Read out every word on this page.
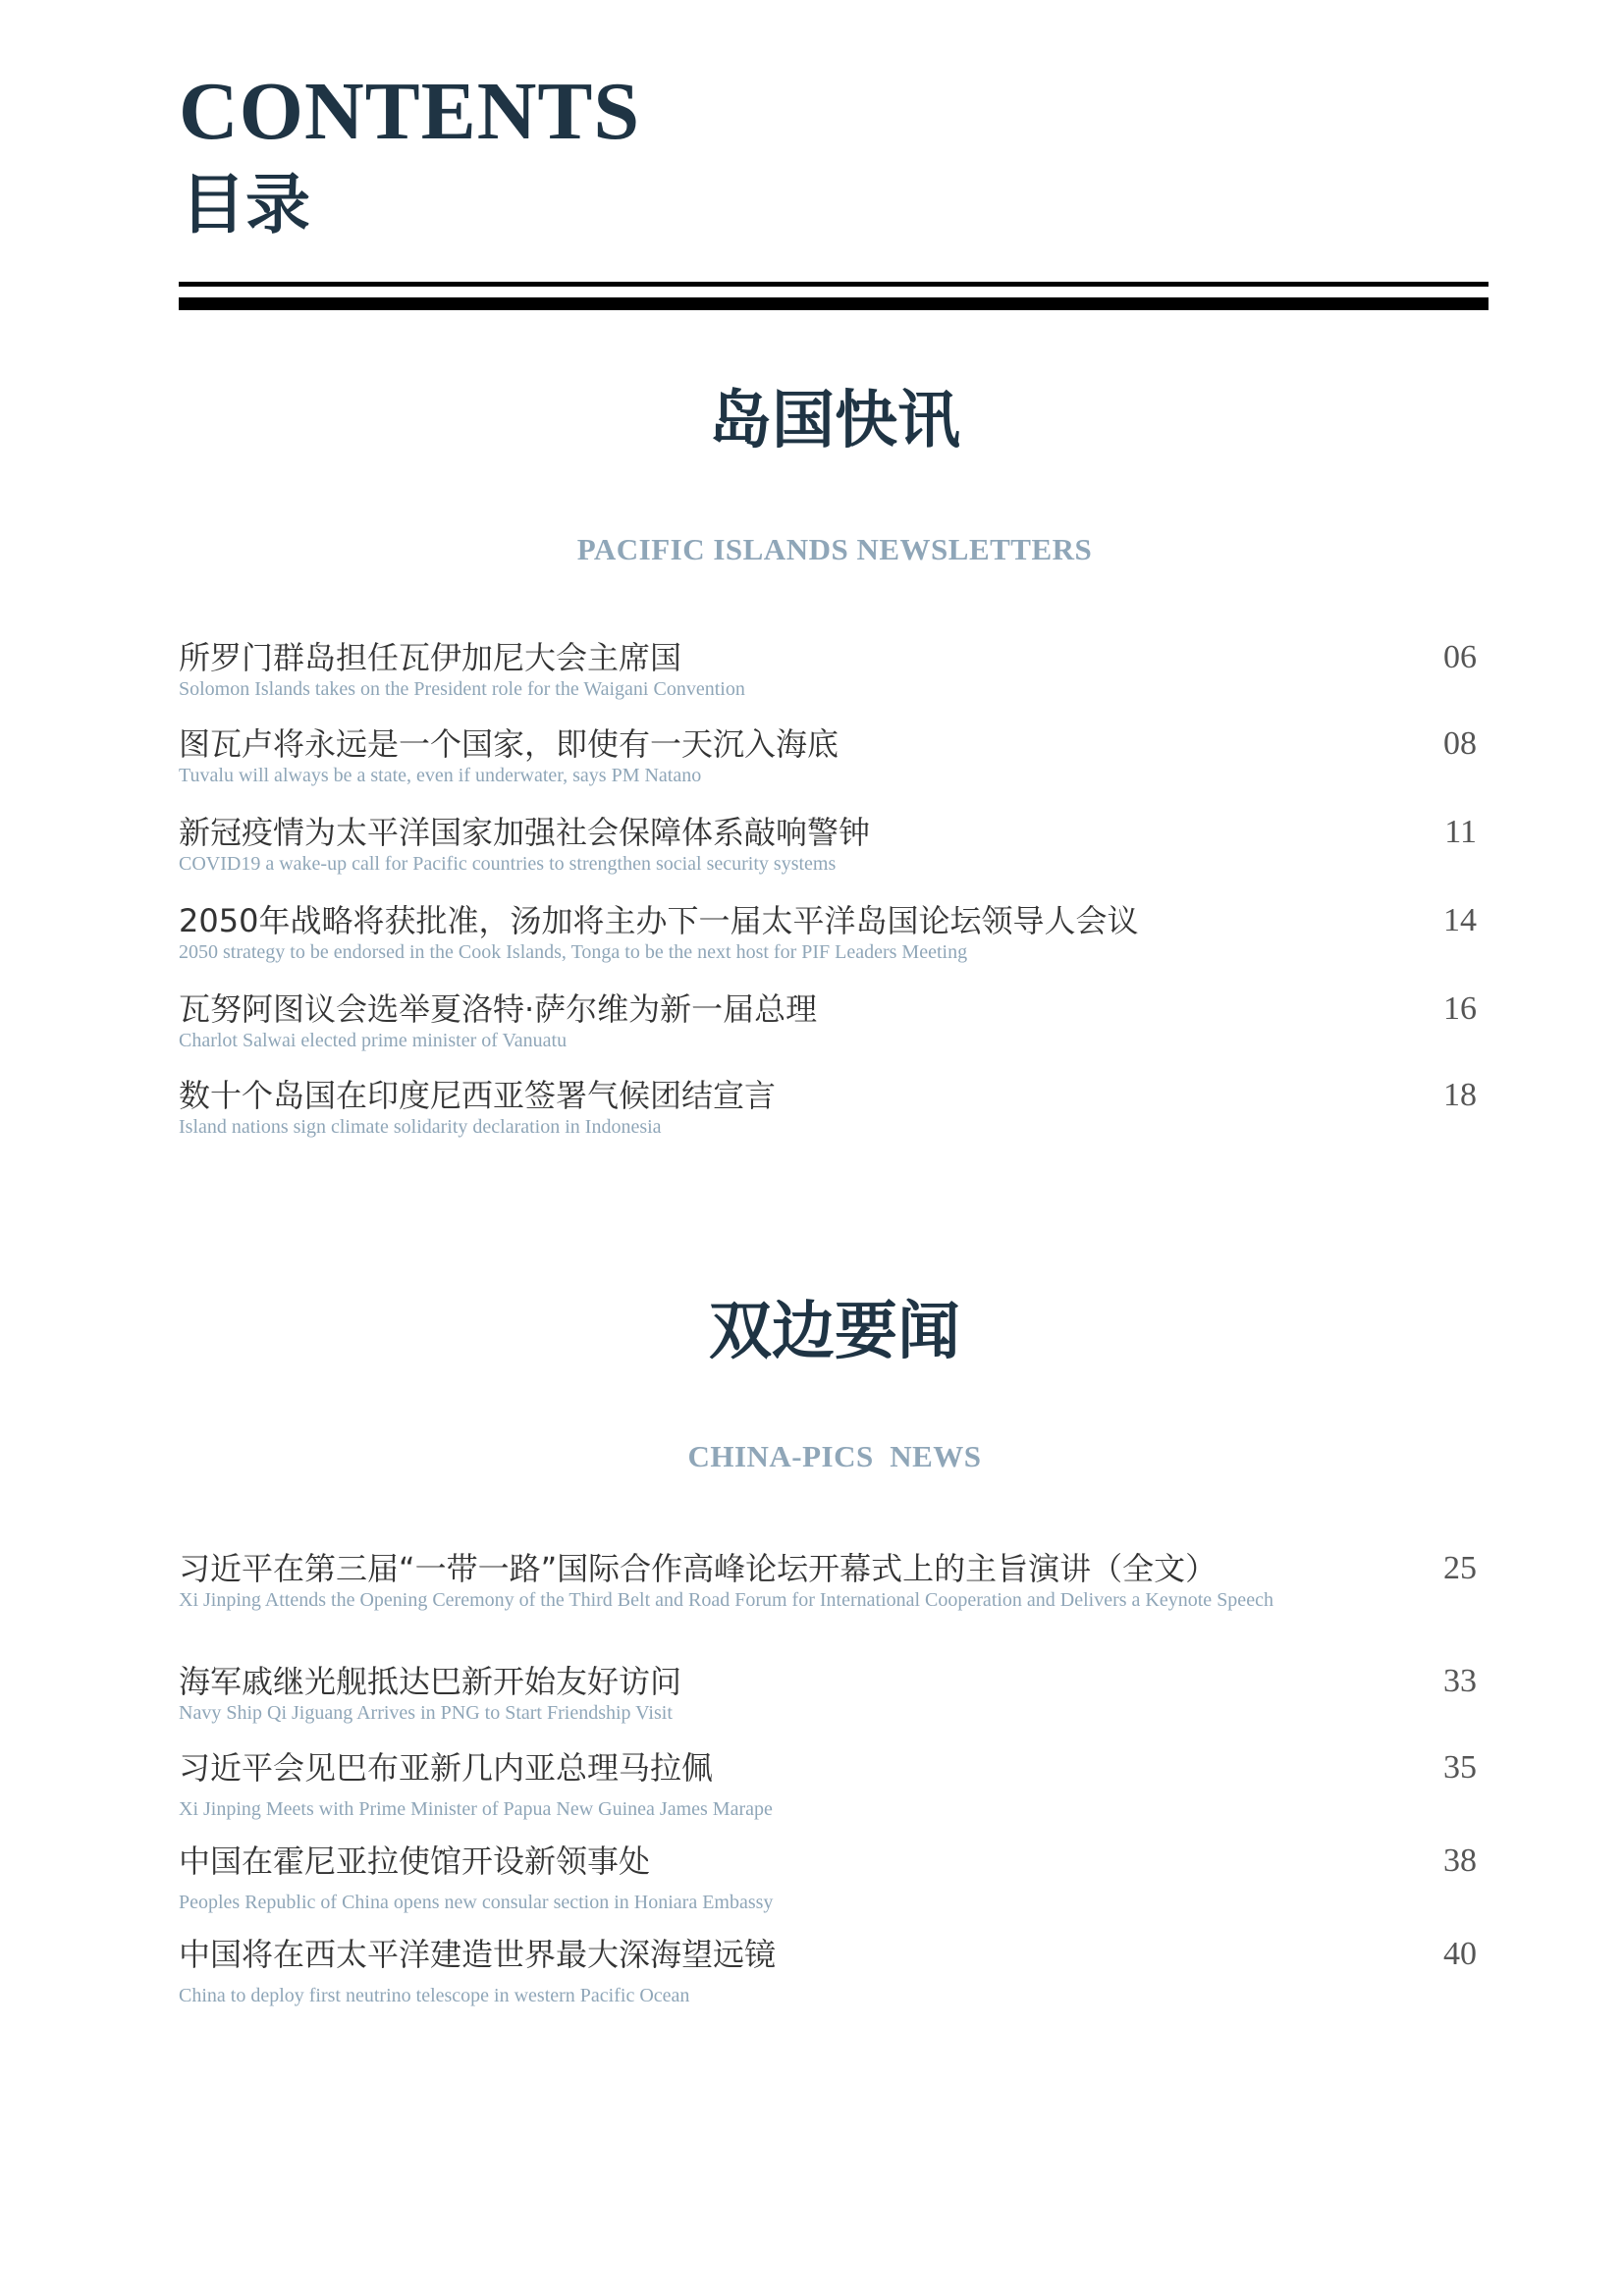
CONTENTS
目录
岛国快讯
PACIFIC ISLANDS NEWSLETTERS
所罗门群岛担任瓦伊加尼大会主席国
Solomon Islands takes on the President role for the Waigani Convention
06
图瓦卢将永远是一个国家，即使有一天沉入海底
Tuvalu will always be a state, even if underwater, says PM Natano
08
新冠疫情为太平洋国家加强社会保障体系敲响警钟
COVID19 a wake-up call for Pacific countries to strengthen social security systems
11
2050年战略将获批准，汤加将主办下一届太平洋岛国论坛领导人会议
2050 strategy to be endorsed in the Cook Islands, Tonga to be the next host for PIF Leaders Meeting
14
瓦努阿图议会选举夏洛特·萨尔维为新一届总理
Charlot Salwai elected prime minister of Vanuatu
16
数十个岛国在印度尼西亚签署气候团结宣言
Island nations sign climate solidarity declaration in Indonesia
18
双边要闻
CHINA-PICS  NEWS
习近平在第三届“一带一路”国际合作高峰论坛开幕式上的主旨演讲（全文）
Xi Jinping Attends the Opening Ceremony of the Third Belt and Road Forum for International Cooperation and Delivers a Keynote Speech
25
海军戚继光舰抵达巴新开始友好访问
Navy Ship Qi Jiguang Arrives in PNG to Start Friendship Visit
33
习近平会见巴布亚新几内亚总理马拉佩
Xi Jinping Meets with Prime Minister of Papua New Guinea James Marape
35
中国在霍尼亚拉使馆开设新领事处
Peoples Republic of China opens new consular section in Honiara Embassy
38
中国将在西太平洋建造世界最大深海望远镜
China to deploy first neutrino telescope in western Pacific Ocean
40
